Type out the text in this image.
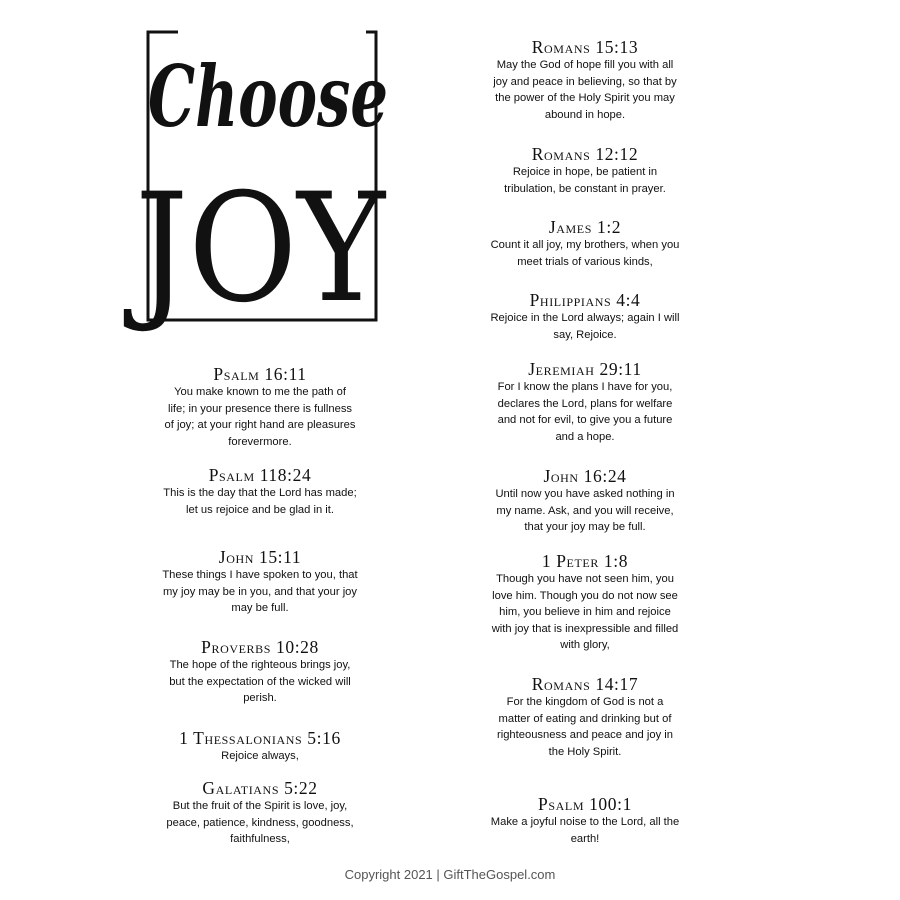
Choose
JOY
Psalm 16:11
You make known to me the path of
life; in your presence there is fullness
of joy; at your right hand are pleasures
forevermore.
Psalm 118:24
This is the day that the Lord has made;
let us rejoice and be glad in it.
John 15:11
These things I have spoken to you, that
my joy may be in you, and that your joy
may be full.
Proverbs 10:28
The hope of the righteous brings joy,
but the expectation of the wicked will
perish.
1 Thessalonians 5:16
Rejoice always,
Galatians 5:22
But the fruit of the Spirit is love, joy,
peace, patience, kindness, goodness,
faithfulness,
Romans 15:13
May the God of hope fill you with all
joy and peace in believing, so that by
the power of the Holy Spirit you may
abound in hope.
Romans 12:12
Rejoice in hope, be patient in
tribulation, be constant in prayer.
James 1:2
Count it all joy, my brothers, when you
meet trials of various kinds,
Philippians 4:4
Rejoice in the Lord always; again I will
say, Rejoice.
Jeremiah 29:11
For I know the plans I have for you,
declares the Lord, plans for welfare
and not for evil, to give you a future
and a hope.
John 16:24
Until now you have asked nothing in
my name. Ask, and you will receive,
that your joy may be full.
1 Peter 1:8
Though you have not seen him, you
love him. Though you do not now see
him, you believe in him and rejoice
with joy that is inexpressible and filled
with glory,
Romans 14:17
For the kingdom of God is not a
matter of eating and drinking but of
righteousness and peace and joy in
the Holy Spirit.
Psalm 100:1
Make a joyful noise to the Lord, all the
earth!
Copyright 2021 | GiftTheGospel.com
